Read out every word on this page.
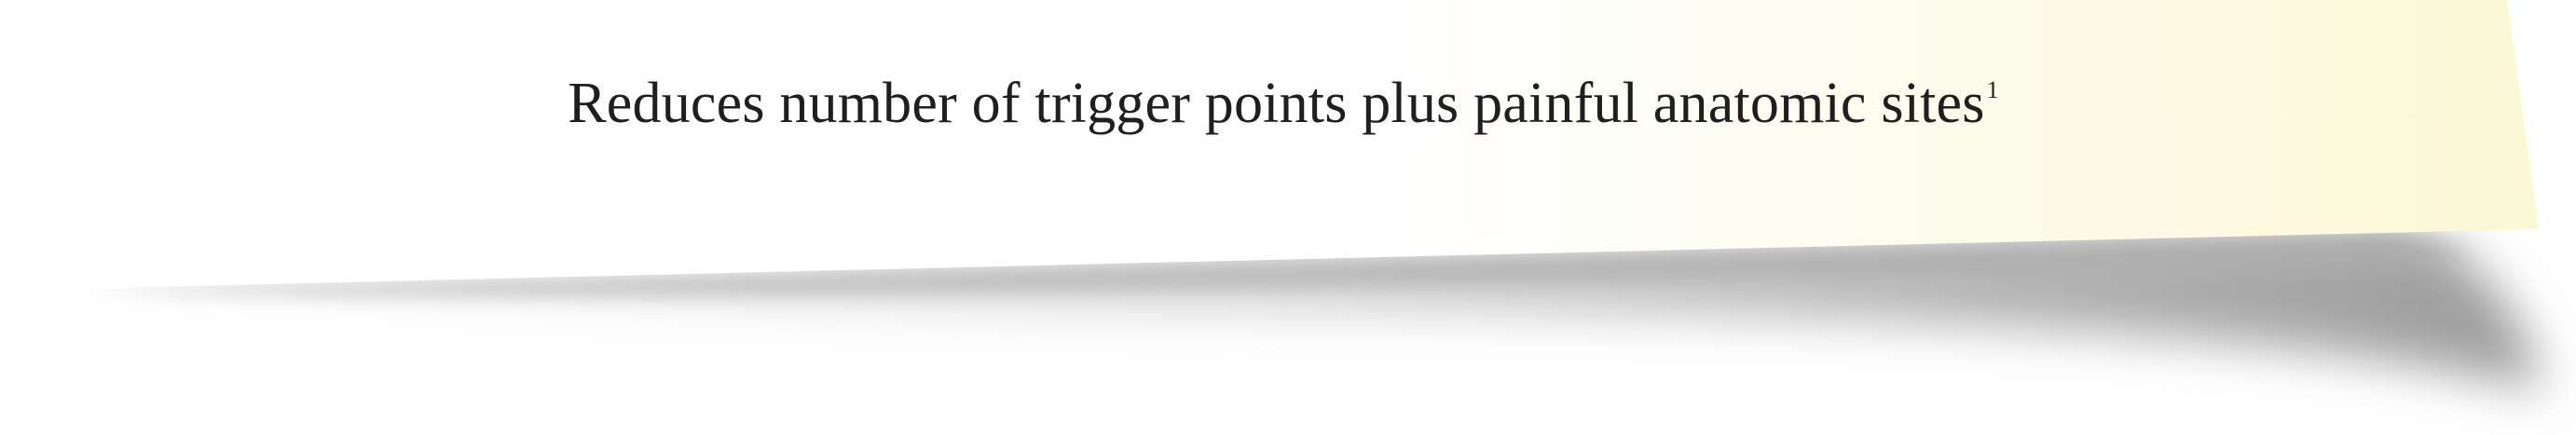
Reduces number of trigger points plus painful anatomic sites$^1$
